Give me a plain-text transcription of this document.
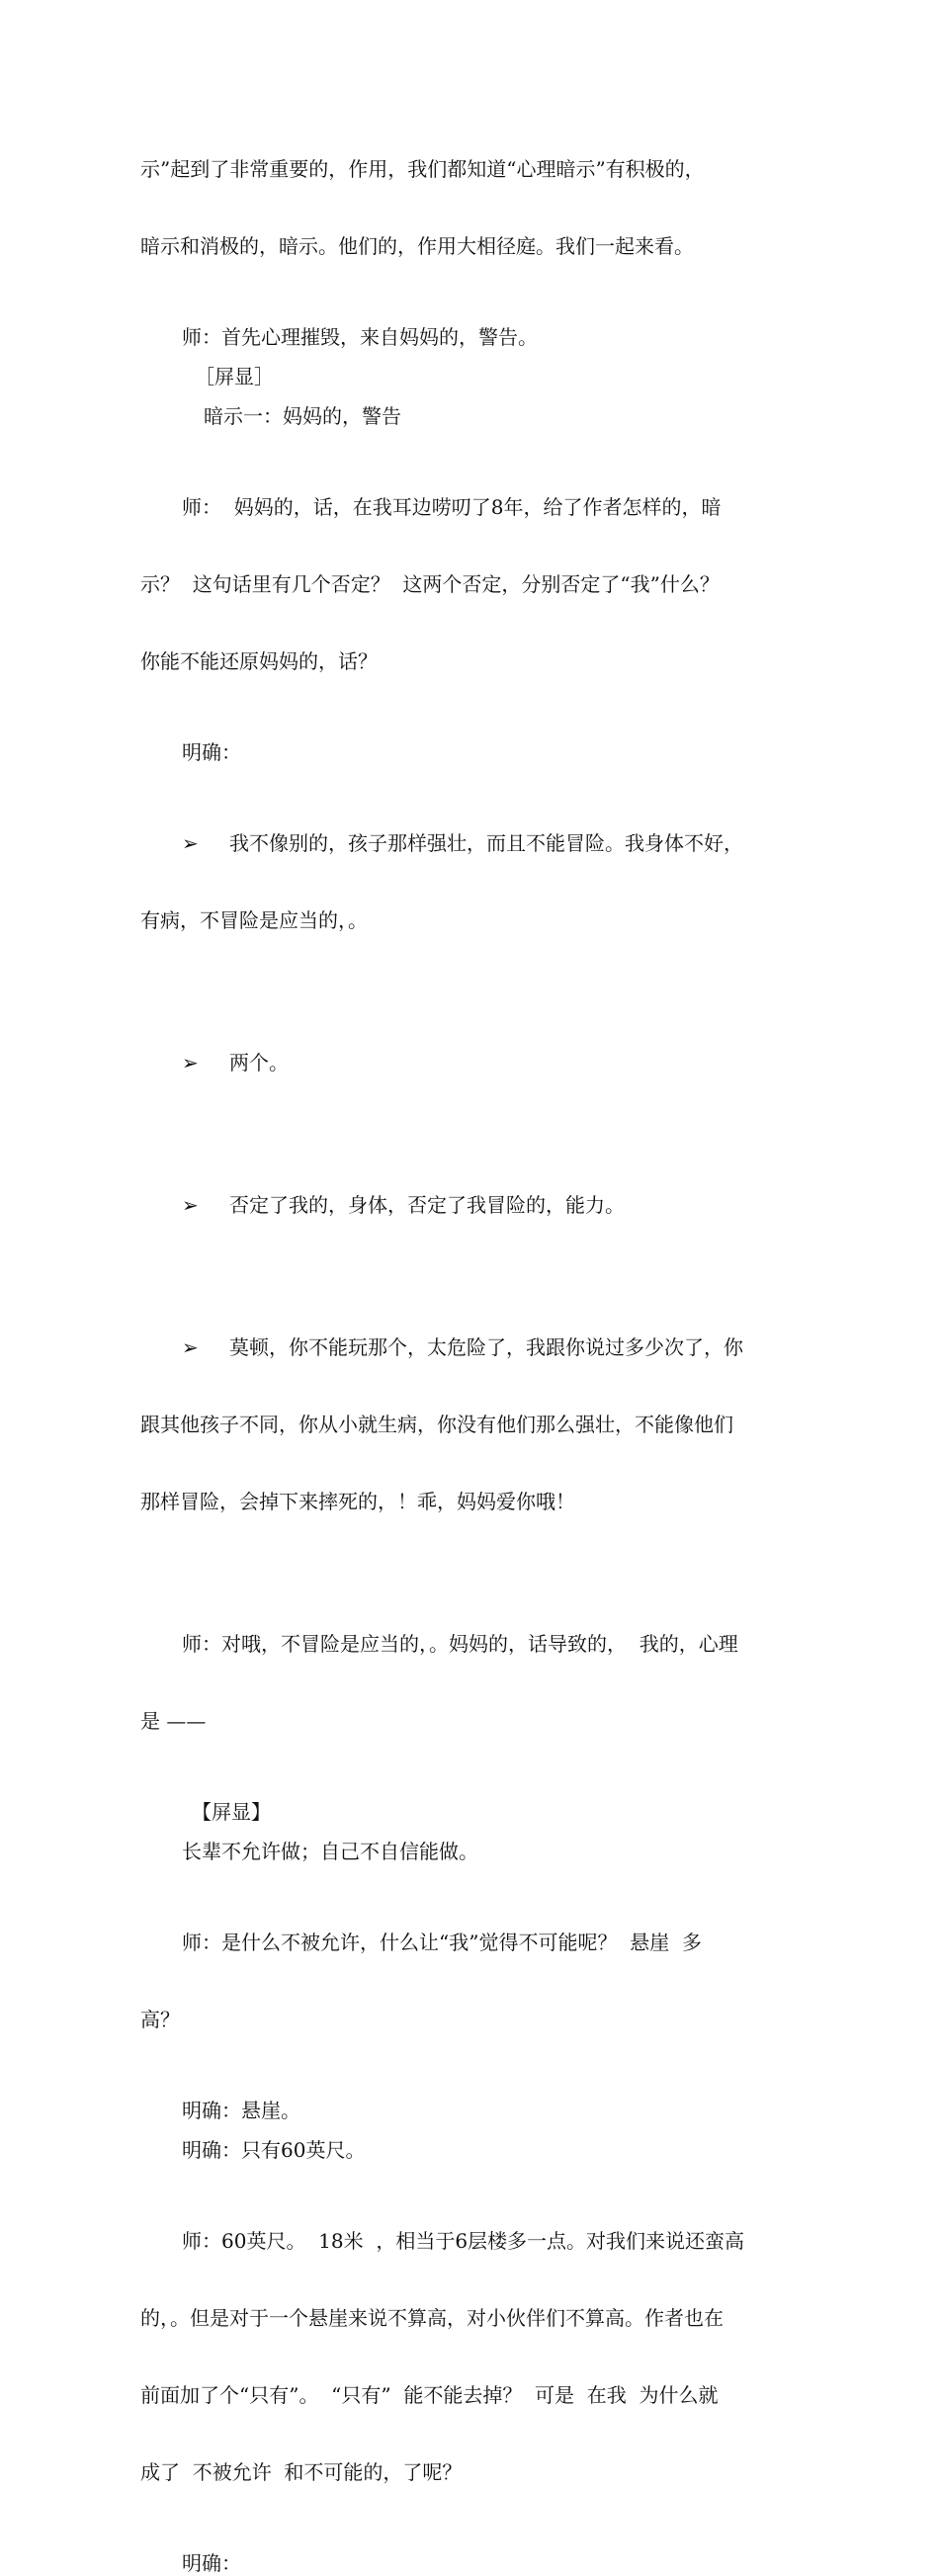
示”起到了非常重要的，作用，我们都知道“心理暗示”有积极的，

暗示和消极的，暗示。他们的，作用大相径庭。我们一起来看。

师：首先心理摧毁，来自妈妈的，警告。

［屏显］

暗示一：妈妈的，警告

师：  妈妈的，话，在我耳边唠叨了8年，给了作者怎样的，暗

示？  这句话里有几个否定？  这两个否定，分别否定了“我”什么？

你能不能还原妈妈的，话？

明确：

➢ 我不像别的，孩子那样强壮，而且不能冒险。我身体不好，

有病，不冒险是应当的，。

➢ 两个。

➢ 否定了我的，身体，否定了我冒险的，能力。

➢ 莫顿，你不能玩那个，太危险了，我跟你说过多少次了，你

跟其他孩子不同，你从小就生病，你没有他们那么强壮，不能像他们

那样冒险，会掉下来摔死的，！乖，妈妈爱你哦！

师：对哦，不冒险是应当的，。妈妈的，话导致的，  我的，心理

是 ——

【屏显】

长辈不允许做；自己不自信能做。

师：是什么不被允许，什么让“我”觉得不可能呢？  悬崖  多

高？

明确：悬崖。

明确：只有60英尺。

师：60英尺。  18米  ，相当于6层楼多一点。对我们来说还蛮高

的，。但是对于一个悬崖来说不算高，对小伙伴们不算高。作者也在

前面加了个“只有”。  “只有”  能不能去掉？  可是  在我  为什么就

成了  不被允许  和不可能的，了呢？

明确：
